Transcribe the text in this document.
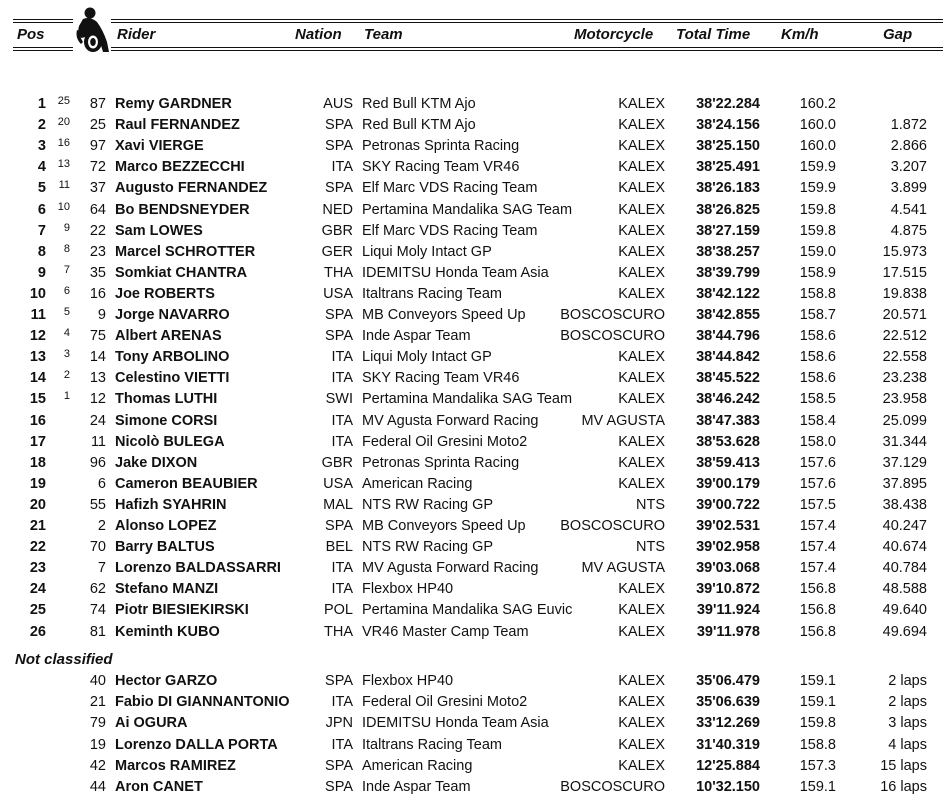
Pos	Rider	Nation Team	Motorcycle Total Time Km/h	Gap
1	25	87 Remy GARDNER	AUS Red Bull KTM Ajo	KALEX	38'22.284	160.2
2	20	25 Raul FERNANDEZ	SPA Red Bull KTM Ajo	KALEX	38'24.156	160.0	1.872
3	16	97 Xavi VIERGE	SPA Petronas Sprinta Racing	KALEX	38'25.150	160.0	2.866
4	13	72 Marco BEZZECCHI	ITA SKY Racing Team VR46	KALEX	38'25.491	159.9	3.207
5	11	37 Augusto FERNANDEZ	SPA Elf Marc VDS Racing Team	KALEX	38'26.183	159.9	3.899
6	10	64 Bo BENDSNEYDER	NED Pertamina Mandalika SAG Team	KALEX	38'26.825	159.8	4.541
7	9	22 Sam LOWES	GBR Elf Marc VDS Racing Team	KALEX	38'27.159	159.8	4.875
8	8	23 Marcel SCHROTTER	GER Liqui Moly Intact GP	KALEX	38'38.257	159.0	15.973
9	7	35 Somkiat CHANTRA	THA IDEMITSU Honda Team Asia	KALEX	38'39.799	158.9	17.515
10	6	16 Joe ROBERTS	USA Italtrans Racing Team	KALEX	38'42.122	158.8	19.838
11	5	9 Jorge NAVARRO	SPA MB Conveyors Speed Up	BOSCOSCURO	38'42.855	158.7	20.571
12	4	75 Albert ARENAS	SPA Inde Aspar Team	BOSCOSCURO	38'44.796	158.6	22.512
13	3	14 Tony ARBOLINO	ITA Liqui Moly Intact GP	KALEX	38'44.842	158.6	22.558
14	2	13 Celestino VIETTI	ITA SKY Racing Team VR46	KALEX	38'45.522	158.6	23.238
15	1	12 Thomas LUTHI	SWI Pertamina Mandalika SAG Team	KALEX	38'46.242	158.5	23.958
16	24 Simone CORSI	ITA MV Agusta Forward Racing	MV AGUSTA	38'47.383	158.4	25.099
17	11 Nicolò BULEGA	ITA Federal Oil Gresini Moto2	KALEX	38'53.628	158.0	31.344
18	96 Jake DIXON	GBR Petronas Sprinta Racing	KALEX	38'59.413	157.6	37.129
19	6 Cameron BEAUBIER	USA American Racing	KALEX	39'00.179	157.6	37.895
20	55 Hafizh SYAHRIN	MAL NTS RW Racing GP	NTS	39'00.722	157.5	38.438
21	2 Alonso LOPEZ	SPA MB Conveyors Speed Up	BOSCOSCURO	39'02.531	157.4	40.247
22	70 Barry BALTUS	BEL NTS RW Racing GP	NTS	39'02.958	157.4	40.674
23	7 Lorenzo BALDASSARRI	ITA MV Agusta Forward Racing	MV AGUSTA	39'03.068	157.4	40.784
24	62 Stefano MANZI	ITA Flexbox HP40	KALEX	39'10.872	156.8	48.588
25	74 Piotr BIESIEKIRSKI	POL Pertamina Mandalika SAG Euvic	KALEX	39'11.924	156.8	49.640
26	81 Keminth KUBO	THA VR46 Master Camp Team	KALEX	39'11.978	156.8	49.694
Not classified
40 Hector GARZO	SPA Flexbox HP40	KALEX	35'06.479	159.1	2 laps
21 Fabio DI GIANNANTONIO	ITA Federal Oil Gresini Moto2	KALEX	35'06.639	159.1	2 laps
79 Ai OGURA	JPN IDEMITSU Honda Team Asia	KALEX	33'12.269	159.8	3 laps
19 Lorenzo DALLA PORTA	ITA Italtrans Racing Team	KALEX	31'40.319	158.8	4 laps
42 Marcos RAMIREZ	SPA American Racing	KALEX	12'25.884	157.3	15 laps
44 Aron CANET	SPA Inde Aspar Team	BOSCOSCURO	10'32.150	159.1	16 laps
